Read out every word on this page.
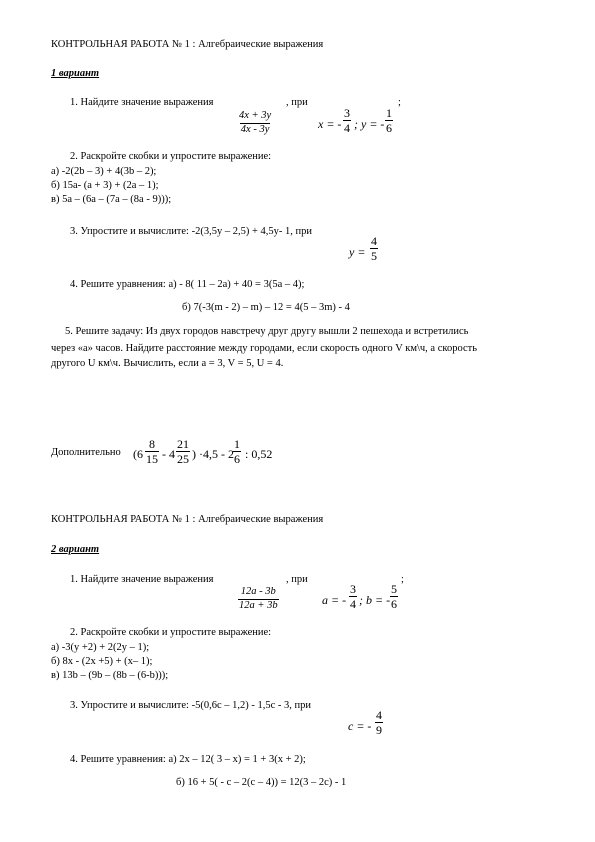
КОНТРОЛЬНАЯ РАБОТА № 1 : Алгебраические выражения
1 вариант
1. Найдите значение выражения
$\frac{4x + 3y}{4x - 3y}$
, при	;
x = - $\frac{3}{4}$ ; y = - $\frac{1}{6}$
2. Раскройте скобки и упростите выражение:
а) -2(2b – 3) + 4(3b – 2);
б) 15a- (a + 3) + (2a – 1);
в) 5a – (6a – (7a – (8a - 9)));
3. Упростите и вычислите: -2(3,5y – 2,5) + 4,5y- 1, при
$y = \frac{4}{5}$
4. Решите уравнения: а) - 8( 11 – 2a) + 40 = 3(5a – 4);
б) 7(-3(m - 2) – m) – 12 = 4(5 – 3m) - 4
5. Решите задачу: Из двух городов навстречу друг другу вышли 2 пешехода и встретились
через «a» часов. Найдите расстояние между городами, если скорость одного V км\ч, а скорость
другого U км\ч. Вычислить, если a = 3, V = 5, U = 4.
Дополнительно ($6 \frac{8}{15} - 4 \frac{21}{25}$ ) $\cdot 4,5 - 2 \frac{1}{6}$ : 0,52
КОНТРОЛЬНАЯ РАБОТА № 1 : Алгебраические выражения
2 вариант
1. Найдите значение выражения
$\frac{12a - 3b}{12a + 3b}$
, при	;
a = - $\frac{3}{4}$ ; b = - $\frac{5}{6}$
2. Раскройте скобки и упростите выражение:
а) -3(y +2) + 2(2y – 1);
б) 8x - (2x +5) + (x– 1);
в) 13b – (9b – (8b – (6-b)));
3. Упростите и вычислите: -5(0,6c – 1,2) - 1,5c - 3, при
c = - $\frac{4}{9}$
4. Решите уравнения: а) 2x – 12( 3 – x) = 1 + 3(x + 2);
б) 16 + 5( - c – 2(c – 4)) = 12(3 – 2c) - 1
